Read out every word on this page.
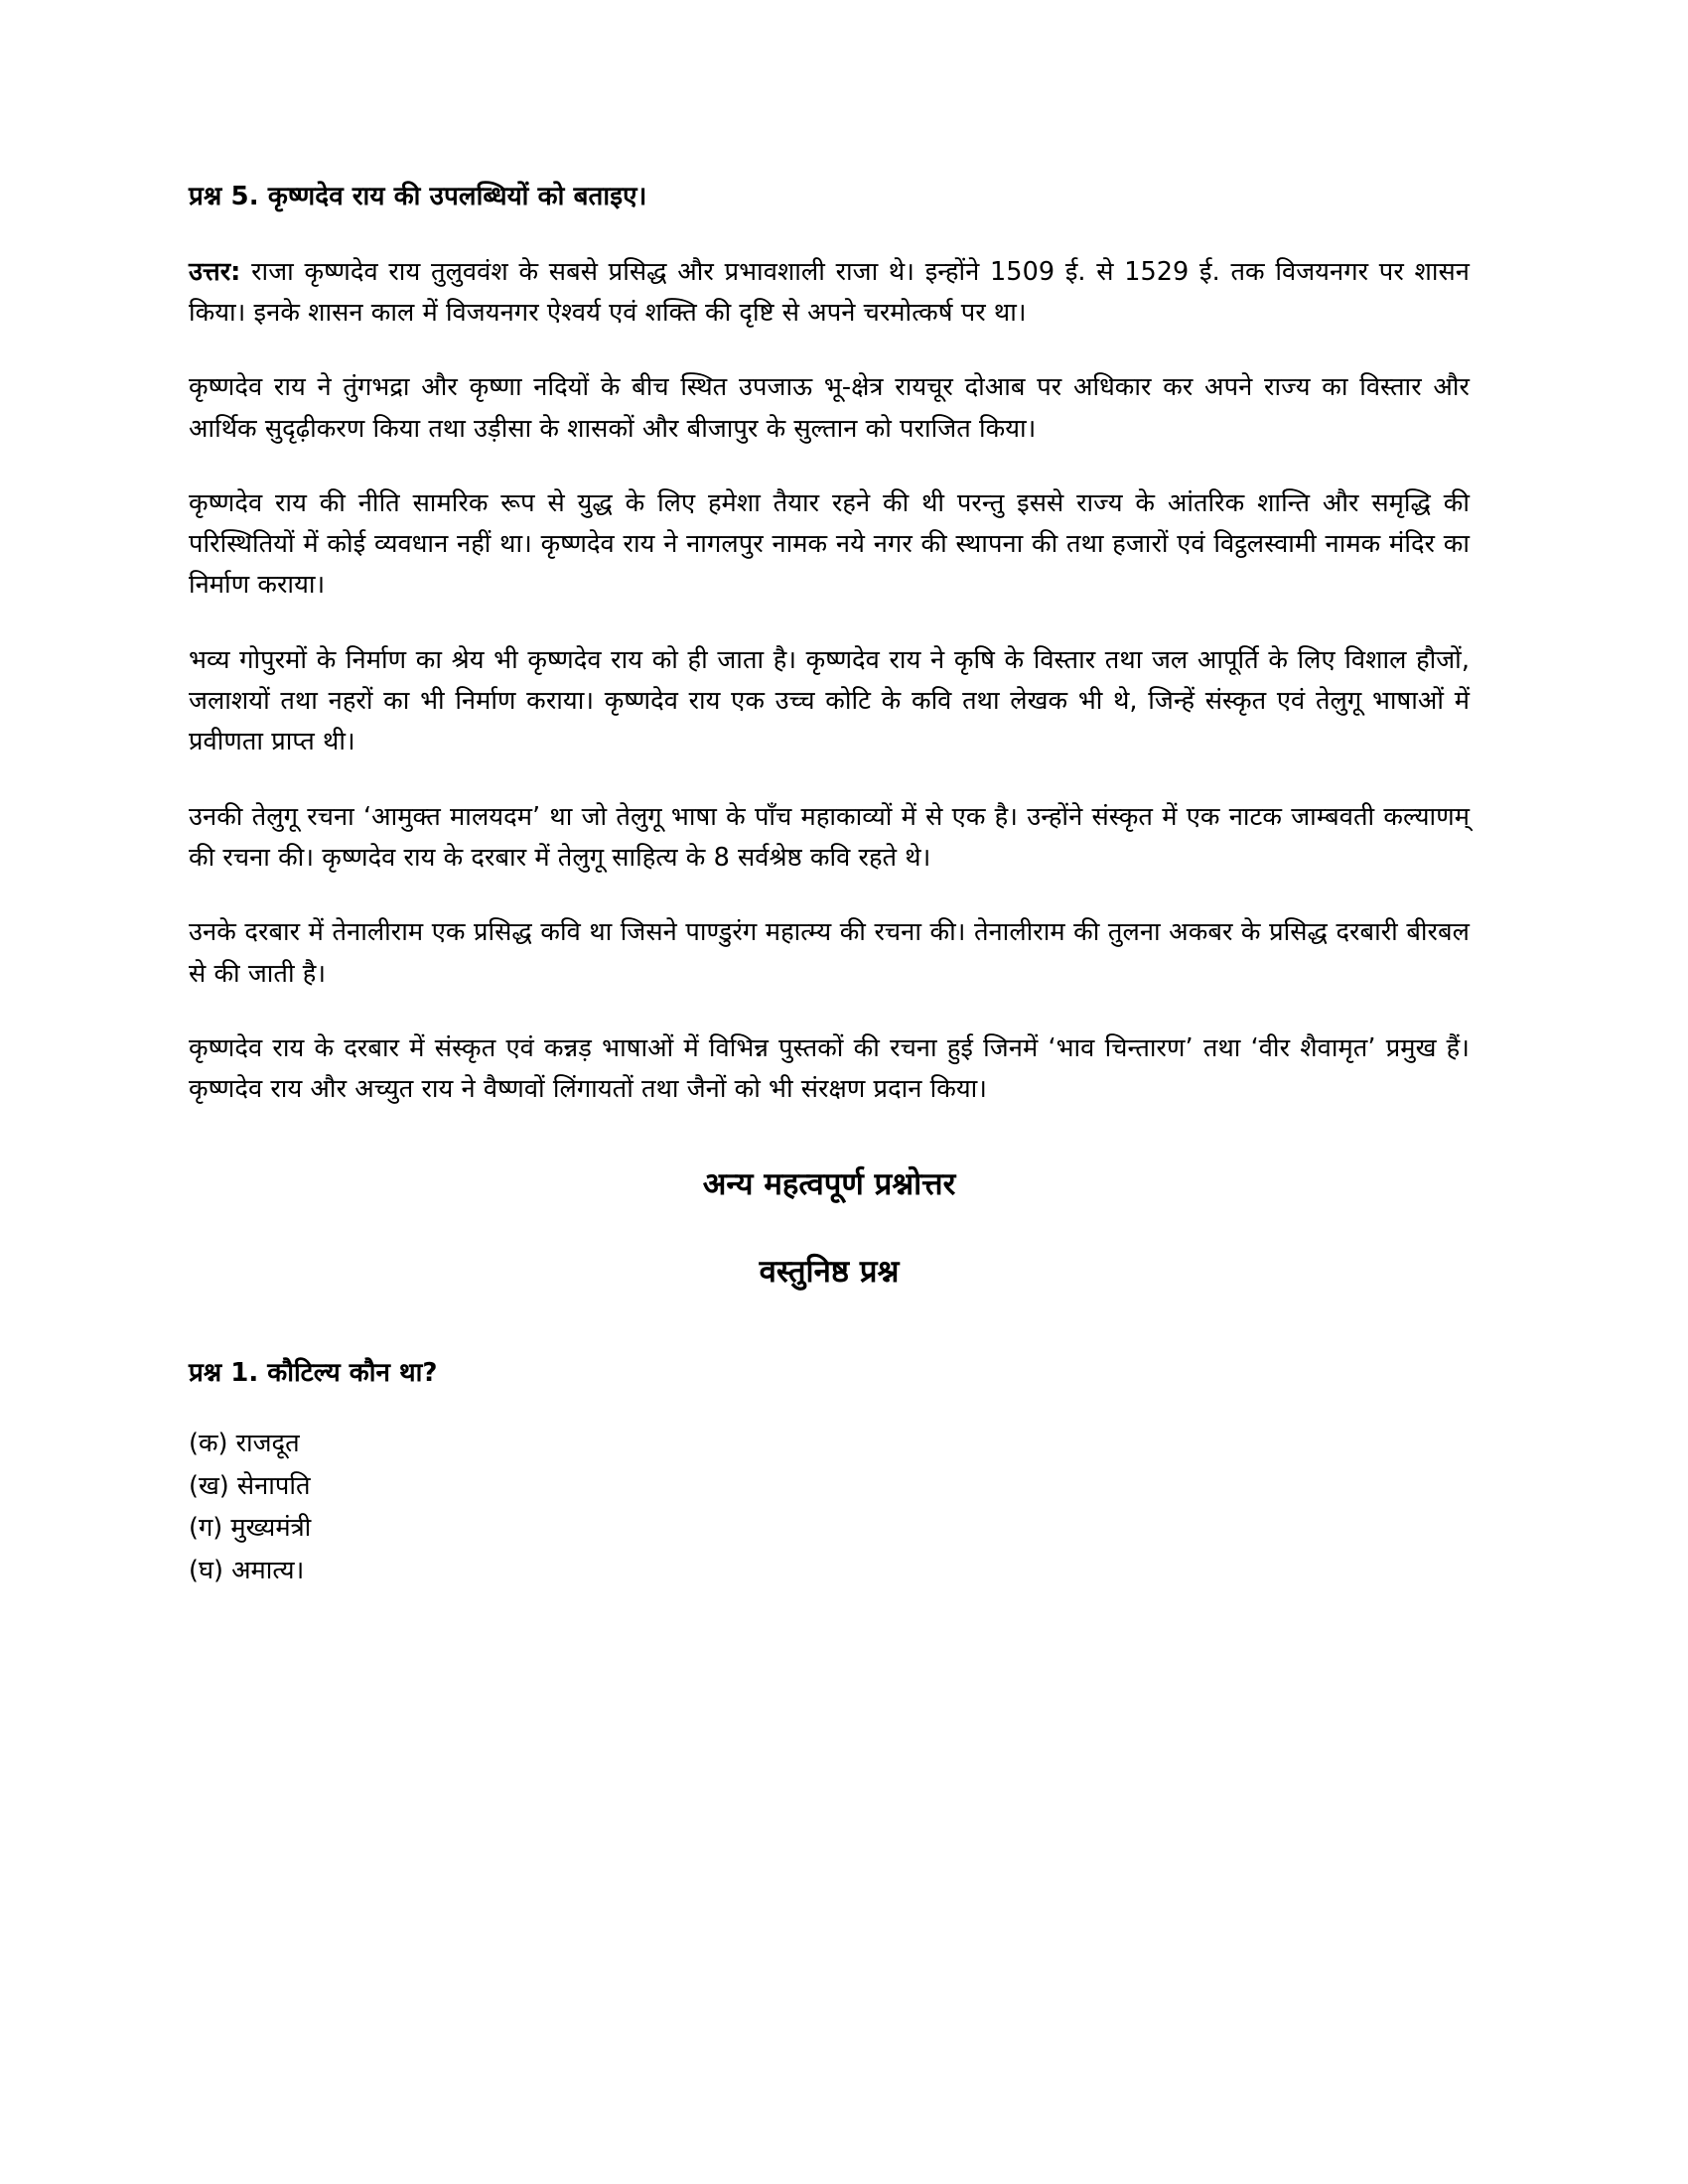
प्रश्न 5. कृष्णदेव राय की उपलब्धियों को बताइए।

उत्तर: राजा कृष्णदेव राय तुलुववंश के सबसे प्रसिद्ध और प्रभावशाली राजा थे। इन्होंने 1509 ई. से 1529 ई. तक विजयनगर पर शासन किया। इनके शासन काल में विजयनगर ऐश्वर्य एवं शक्ति की दृष्टि से अपने चरमोत्कर्ष पर था।

कृष्णदेव राय ने तुंगभद्रा और कृष्णा नदियों के बीच स्थित उपजाऊ भू-क्षेत्र रायचूर दोआब पर अधिकार कर अपने राज्य का विस्तार और आर्थिक सुदृढ़ीकरण किया तथा उड़ीसा के शासकों और बीजापुर के सुल्तान को पराजित किया।

कृष्णदेव राय की नीति सामरिक रूप से युद्ध के लिए हमेशा तैयार रहने की थी परन्तु इससे राज्य के आंतरिक शान्ति और समृद्धि की परिस्थितियों में कोई व्यवधान नहीं था। कृष्णदेव राय ने नागलपुर नामक नये नगर की स्थापना की तथा हजारों एवं विट्ठलस्वामी नामक मंदिर का निर्माण कराया।

भव्य गोपुरमों के निर्माण का श्रेय भी कृष्णदेव राय को ही जाता है। कृष्णदेव राय ने कृषि के विस्तार तथा जल आपूर्ति के लिए विशाल हौजों, जलाशयों तथा नहरों का भी निर्माण कराया। कृष्णदेव राय एक उच्च कोटि के कवि तथा लेखक भी थे, जिन्हें संस्कृत एवं तेलुगू भाषाओं में प्रवीणता प्राप्त थी।

उनकी तेलुगू रचना ‘आमुक्त मालयदम’ था जो तेलुगू भाषा के पाँच महाकाव्यों में से एक है। उन्होंने संस्कृत में एक नाटक जाम्बवती कल्याणम् की रचना की। कृष्णदेव राय के दरबार में तेलुगू साहित्य के 8 सर्वश्रेष्ठ कवि रहते थे।

उनके दरबार में तेनालीराम एक प्रसिद्ध कवि था जिसने पाण्डुरंग महात्म्य की रचना की। तेनालीराम की तुलना अकबर के प्रसिद्ध दरबारी बीरबल से की जाती है।

कृष्णदेव राय के दरबार में संस्कृत एवं कन्नड़ भाषाओं में विभिन्न पुस्तकों की रचना हुई जिनमें ‘भाव चिन्तारण’ तथा ‘वीर शैवामृत’ प्रमुख हैं। कृष्णदेव राय और अच्युत राय ने वैष्णवों लिंगायतों तथा जैनों को भी संरक्षण प्रदान किया।

अन्य महत्वपूर्ण प्रश्नोत्तर
वस्तुनिष्ठ प्रश्न
प्रश्न 1. कौटिल्य कौन था?
(क) राजदूत
(ख) सेनापति
(ग) मुख्यमंत्री
(घ) अमात्य।
